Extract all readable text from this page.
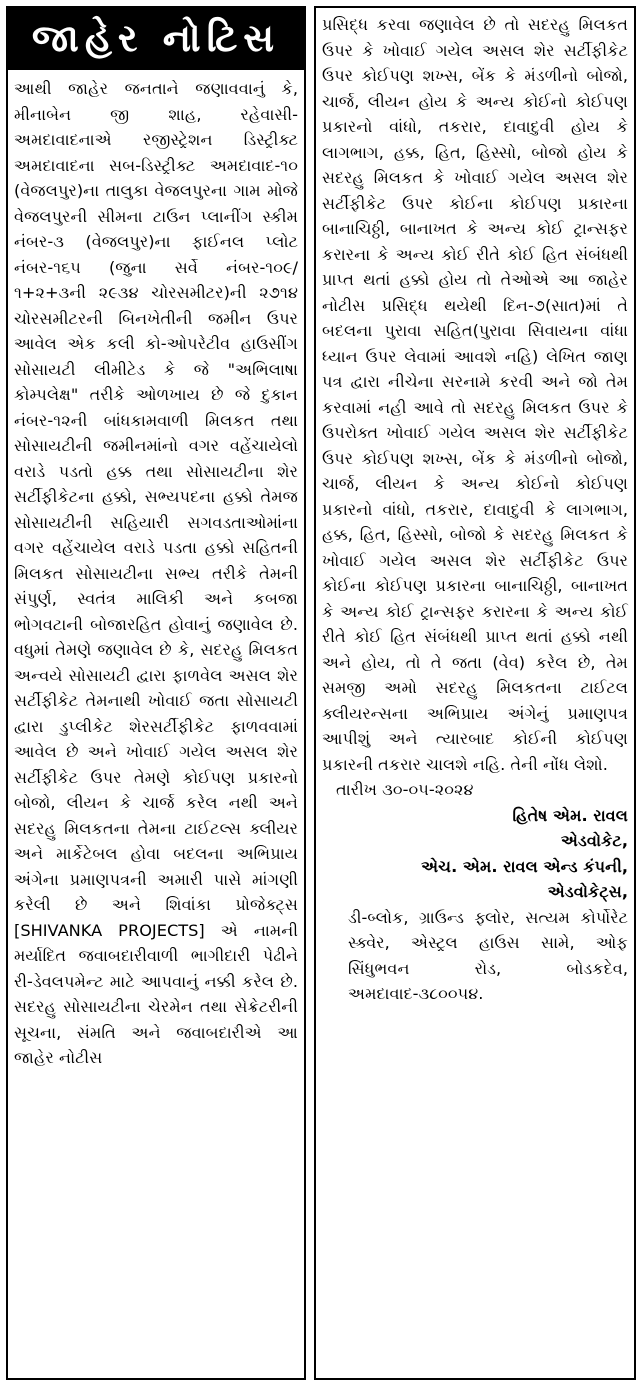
જાહેર નોટિસ
આથી જાહેર જનતાને જણાવવાનું કે, મીનાબેન જી શાહ, રહેવાસી- અમદાવાદનાએ રજીસ્ટ્રેશન ડિસ્ટ્રીક્ટ અમદાવાદના સબ-ડિસ્ટ્રીક્ટ અમદાવાદ-૧૦ (વેજલપુર)ના તાલુકા વેજલપુરના ગામ મોજે વેજલપુરની સીમના ટાઉન પ્લાનીંગ સ્કીમ નંબર-૩ (વેજલપુર)ના ફાઈનલ પ્લોટ નંબર-૧૬૫ (જુના સર્વે નંબર-૧૦૯/ ૧+૨+૩ની ૨૯૩૪ ચોરસમીટર)ની ૨૭૧૪ ચોરસમીટરની બિનખેતીની જમીન ઉપર આવેલ એક કલી કો-ઓપરેટીવ હાઉસીંગ સોસાયટી લીમીટેડ કે જે "અભિલાષા કોમ્પલેક્ષ" તરીકે ઓળખાય છે જે દુકાન નંબર-૧૨ની બાંધકામવાળી મિલકત તથા સોસાયટીની જમીનમાંનો વગર વહેંચાયેલો વરાડે પડતો હક્ક તથા સોસાયટીના શેર સર્ટીફીકેટના હક્કો, સભ્યપદના હક્કો તેમજ સોસાયટીની સહિયારી સગવડતાઓમાંના વગર વહેંચાયેલ વરાડે પડતા હક્કો સહિતની મિલકત સોસાયટીના સભ્ય તરીકે તેમની સંપુર્ણ, સ્વતંત્ર માલિકી અને કબજા ભોગવટાની બોજારહિત હોવાનું જણાવેલ છે. વધુમાં તેમણે જણાવેલ છે કે, સદરહુ મિલકત અન્વયે સોસાયટી દ્વારા ફાળવેલ અસલ શેર સર્ટીફીકેટ તેમનાથી ખોવાઈ જતા સોસાયટી દ્વારા ડુપ્લીકેટ શેરસર્ટીફીકેટ ફાળવવામાં આવેલ છે અને ખોવાઈ ગયેલ અસલ શેર સર્ટીફીકેટ ઉપર તેમણે કોઈપણ પ્રકારનો બોજો, લીયન કે ચાર્જ કરેલ નથી અને સદરહુ મિલકતના તેમના ટાઈટલ્સ ક્લીયર અને માર્કેટેબલ હોવા બદલના અભિપ્રાય અંગેના પ્રમાણપત્રની અમારી પાસે માંગણી કરેલી છે અને શિવાંકા પ્રોજેક્ટ્સ [SHIVANKA PROJECTS] એ નામની મર્યાદિત જવાબદારીવાળી ભાગીદારી પેઢીને રી-ડેવલપમેન્ટ માટે આપવાનું નક્કી કરેલ છે. સદરહુ સોસાયટીના ચેરમેન તથા સેક્રેટરીની સૂચના, સંમતિ અને જવાબદારીએ આ જાહેર નોટીસ
પ્રસિદ્ધ કરવા જણાવેલ છે તો સદરહુ મિલકત ઉપર કે ખોવાઈ ગયેલ અસલ શેર સર્ટીફીકેટ ઉપર કોઈપણ શખ્સ, બેંક કે મંડળીનો બોજો, ચાર્જ, લીયન હોય કે અન્ય કોઈનો કોઈપણ પ્રકારનો વાંધો, તકરાર, દાવાદુવી હોય કે લાગભાગ, હક્ક, હિત, હિસ્સો, બોજો હોય કે સદરહુ મિલકત કે ખોવાઈ ગયેલ અસલ શેર સર્ટીફીકેટ ઉપર કોઈના કોઈપણ પ્રકારના બાનાચિઠ્ઠી, બાનાખત કે અન્ય કોઈ ટ્રાન્સફર કરારના કે અન્ય કોઈ રીતે કોઈ હિત સંબંધથી પ્રાપ્ત થતાં હક્કો હોય તો તેઓએ આ જાહેર નોટીસ પ્રસિદ્ધ થયેથી દિન-૭(સાત)માં તે બદલના પુરાવા સહિત(પુરાવા સિવાયના વાંધા ધ્યાન ઉપર લેવામાં આવશે નહિ) લેખિત જાણ પત્ર દ્વારા નીચેના સરનામે કરવી અને જો તેમ કરવામાં નહી આવે તો સદરહુ મિલકત ઉપર કે ઉપરોક્ત ખોવાઈ ગયેલ અસલ શેર સર્ટીફીકેટ ઉપર કોઈપણ શખ્સ, બેંક કે મંડળીનો બોજો, ચાર્જ, લીયન કે અન્ય કોઈનો કોઈપણ પ્રકારનો વાંધો, તકરાર, દાવાદુવી કે લાગભાગ, હક્ક, હિત, હિસ્સો, બોજો કે સદરહુ મિલકત કે ખોવાઈ ગયેલ અસલ શેર સર્ટીફીકેટ ઉપર કોઈના કોઈપણ પ્રકારના બાનાચિઠ્ઠી, બાનાખત કે અન્ય કોઈ ટ્રાન્સફર કરારના કે અન્ય કોઈ રીતે કોઈ હિત સંબંધથી પ્રાપ્ત થતાં હક્કો નથી અને હોય, તો તે જતા (વેવ) કરેલ છે, તેમ સમજી અમો સદરહુ મિલકતના ટાઈટલ ક્લીયરન્સના અભિપ્રાય અંગેનું પ્રમાણપત્ર આપીશું અને ત્યારબાદ કોઈની કોઈપણ પ્રકારની તકરાર ચાલશે નહિ. તેની નોંધ લેશો.
તારીખ ૩૦-૦૫-૨૦૨૪
હિતેષ એમ. રાવલ
એડવોકેટ,
એચ. એમ. રાવલ એન્ડ કંપની,
એડવોકેટ્સ,
ડી-બ્લોક, ગ્રાઉન્ડ ફ્લોર, સત્યમ કોર્પોરેટ સ્ક્વેર, એસ્ટ્રલ હાઉસ સામે, ઓફ સિંધુભવન રોડ, બોડકદેવ, અમદાવાદ-૩૮૦૦૫૪.
